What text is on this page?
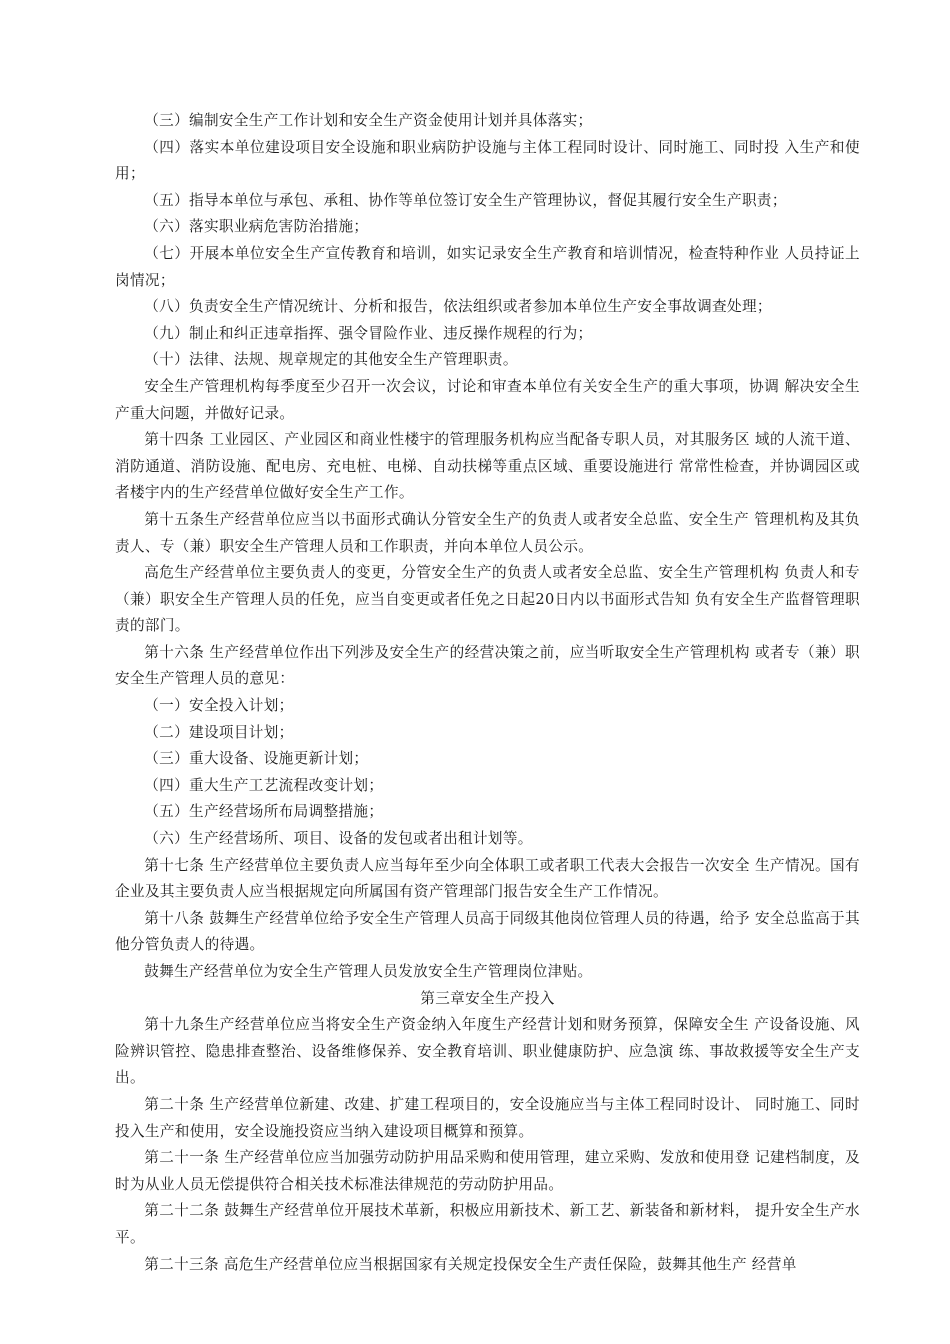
（三）编制安全生产工作计划和安全生产资金使用计划并具体落实；

（四）落实本单位建设项目安全设施和职业病防护设施与主体工程同时设计、同时施工、同时投 入生产和使用；

（五）指导本单位与承包、承租、协作等单位签订安全生产管理协议，督促其履行安全生产职责；

（六）落实职业病危害防治措施；

（七）开展本单位安全生产宣传教育和培训，如实记录安全生产教育和培训情况，检查特种作业 人员持证上岗情况；

（八）负责安全生产情况统计、分析和报告，依法组织或者参加本单位生产安全事故调查处理；

（九）制止和纠正违章指挥、强令冒险作业、违反操作规程的行为；

（十）法律、法规、规章规定的其他安全生产管理职责。

安全生产管理机构每季度至少召开一次会议，讨论和审查本单位有关安全生产的重大事项，协调 解决安全生产重大问题，并做好记录。

第十四条 工业园区、产业园区和商业性楼宇的管理服务机构应当配备专职人员，对其服务区 域的人流干道、消防通道、消防设施、配电房、充电桩、电梯、自动扶梯等重点区域、重要设施进行 常常性检查，并协调园区或者楼宇内的生产经营单位做好安全生产工作。

第十五条生产经营单位应当以书面形式确认分管安全生产的负责人或者安全总监、安全生产 管理机构及其负责人、专（兼）职安全生产管理人员和工作职责，并向本单位人员公示。

高危生产经营单位主要负责人的变更，分管安全生产的负责人或者安全总监、安全生产管理机构 负责人和专（兼）职安全生产管理人员的任免，应当自变更或者任免之日起20日内以书面形式告知 负有安全生产监督管理职责的部门。

第十六条 生产经营单位作出下列涉及安全生产的经营决策之前，应当听取安全生产管理机构 或者专（兼）职安全生产管理人员的意见：

（一）安全投入计划；

（二）建设项目计划；

（三）重大设备、设施更新计划；

（四）重大生产工艺流程改变计划；

（五）生产经营场所布局调整措施；

（六）生产经营场所、项目、设备的发包或者出租计划等。

第十七条 生产经营单位主要负责人应当每年至少向全体职工或者职工代表大会报告一次安全 生产情况。国有企业及其主要负责人应当根据规定向所属国有资产管理部门报告安全生产工作情况。

第十八条 鼓舞生产经营单位给予安全生产管理人员高于同级其他岗位管理人员的待遇，给予 安全总监高于其他分管负责人的待遇。

鼓舞生产经营单位为安全生产管理人员发放安全生产管理岗位津贴。

第三章安全生产投入

第十九条生产经营单位应当将安全生产资金纳入年度生产经营计划和财务预算，保障安全生 产设备设施、风险辨识管控、隐患排查整治、设备维修保养、安全教育培训、职业健康防护、应急演 练、事故救援等安全生产支出。

第二十条 生产经营单位新建、改建、扩建工程项目的，安全设施应当与主体工程同时设计、 同时施工、同时投入生产和使用，安全设施投资应当纳入建设项目概算和预算。

第二十一条 生产经营单位应当加强劳动防护用品采购和使用管理，建立采购、发放和使用登 记建档制度，及时为从业人员无偿提供符合相关技术标准法律规范的劳动防护用品。

第二十二条 鼓舞生产经营单位开展技术革新，积极应用新技术、新工艺、新装备和新材料， 提升安全生产水平。

第二十三条 高危生产经营单位应当根据国家有关规定投保安全生产责任保险，鼓舞其他生产 经营单
